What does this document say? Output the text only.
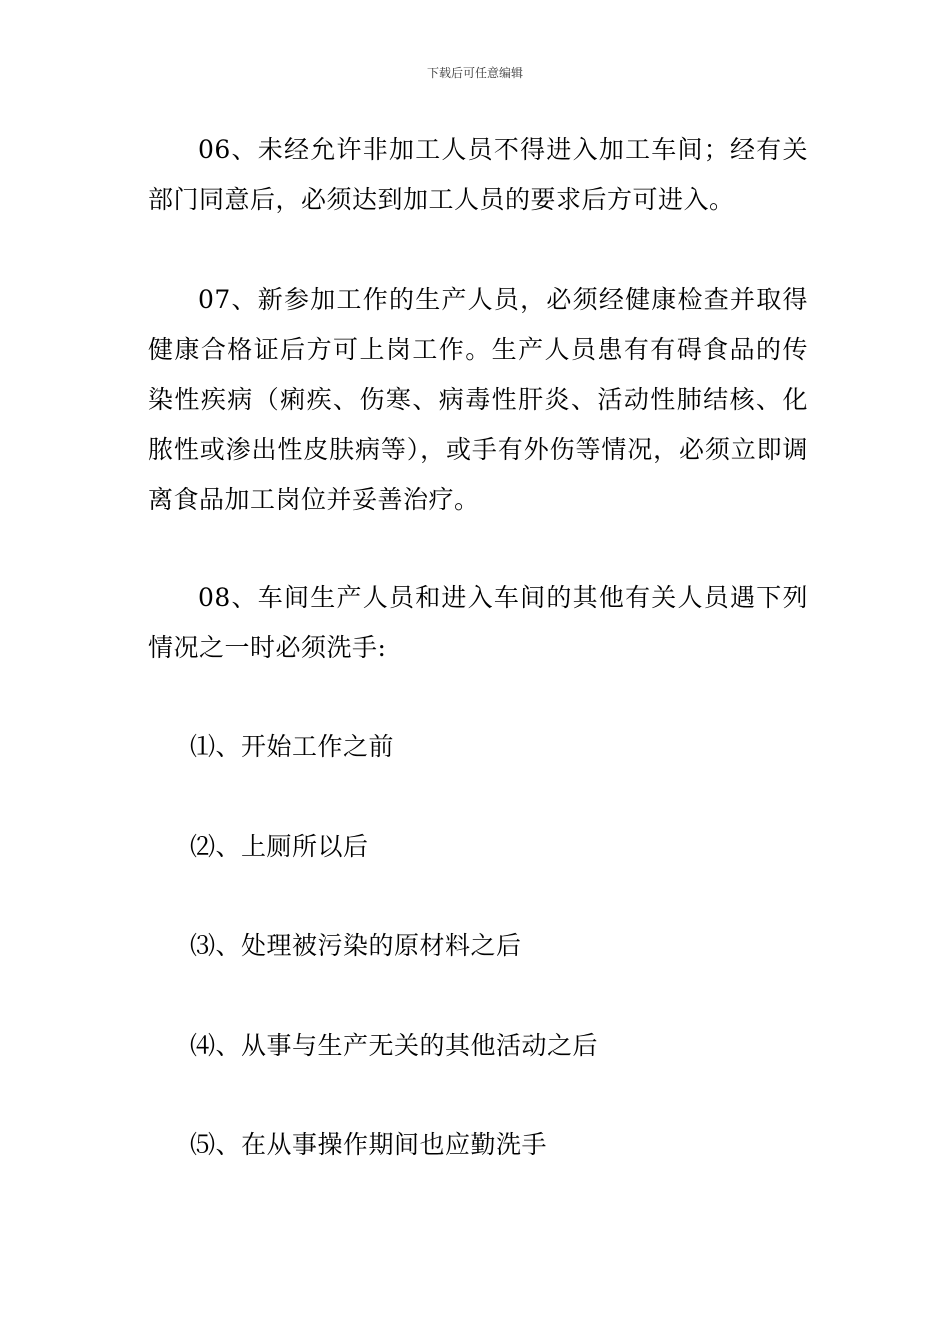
下载后可任意编辑

06、未经允许非加工人员不得进入加工车间；经有关部门同意后，必须达到加工人员的要求后方可进入。

07、新参加工作的生产人员，必须经健康检查并取得健康合格证后方可上岗工作。生产人员患有有碍食品的传染性疾病（痢疾、伤寒、病毒性肝炎、活动性肺结核、化脓性或渗出性皮肤病等），或手有外伤等情况，必须立即调离食品加工岗位并妥善治疗。

08、车间生产人员和进入车间的其他有关人员遇下列情况之一时必须洗手:

⑴、开始工作之前
⑵、上厕所以后
⑶、处理被污染的原材料之后
⑷、从事与生产无关的其他活动之后
⑸、在从事操作期间也应勤洗手
